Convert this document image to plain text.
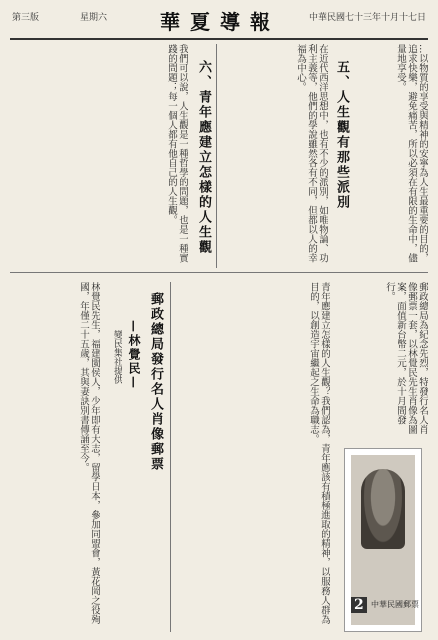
第三版	星期六	華夏導報	中華民國七十三年十月十七日
五、人生觀有那些派別	…以物質的享受與精神的安寧為人生最重要的目的，追求快樂，避免痛苦，所以必須在有限的生命中，儘量地享受。
在近代西洋思想中，也有不少的派別，如唯物論、功利主義等，他們的學說雖然各有不同，但都以人的幸福為中心。
六、青年應建立怎樣的人生觀
我們可以說，人生觀是一種哲學的問題，也是一種實踐的問題；每一個人都有他自己的人生觀。
青年應建立怎樣的人生觀？我們認為，青年應該有積極進取的精神，以服務人群為目的，以創造宇宙繼起之生命為職志。
郵政總局發行名人肖像郵票
—林覺民—
變民集社提供
林覺民先生，福建閩侯人，少年即有大志，留學日本，參加同盟會，黃花岡之役殉國，年僅二十五歲，其與妻訣別書傳誦至今。	郵政總局為紀念先烈，特發行名人肖像郵票一套，以林覺民先生肖像為圖案，面值新台幣二元，於十月間發行。
2 中華民國郵票
